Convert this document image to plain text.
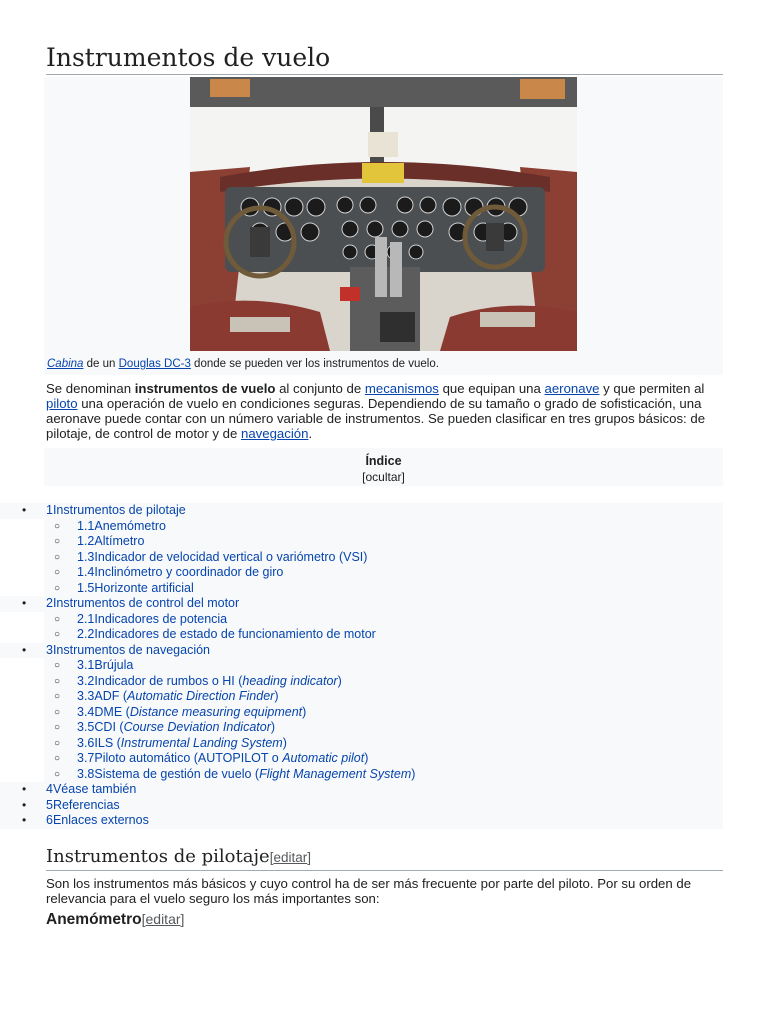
Instrumentos de vuelo
Cabina de un Douglas DC-3 donde se pueden ver los instrumentos de vuelo.

Se denominan instrumentos de vuelo al conjunto de mecanismos que equipan una aeronave y que permiten al piloto una operación de vuelo en condiciones seguras. Dependiendo de su tamaño o grado de sofisticación, una aeronave puede contar con un número variable de instrumentos. Se pueden clasificar en tres grupos básicos: de pilotaje, de control de motor y de navegación.

Índice
[ocultar]
• 1Instrumentos de pilotaje
○ 1.1Anemómetro
○ 1.2Altímetro
○ 1.3Indicador de velocidad vertical o variómetro (VSI)
○ 1.4Inclinómetro y coordinador de giro
○ 1.5Horizonte artificial
• 2Instrumentos de control del motor
○ 2.1Indicadores de potencia
○ 2.2Indicadores de estado de funcionamiento de motor
• 3Instrumentos de navegación
○ 3.1Brújula
○ 3.2Indicador de rumbos o HI (heading indicator)
○ 3.3ADF (Automatic Direction Finder)
○ 3.4DME (Distance measuring equipment)
○ 3.5CDI (Course Deviation Indicator)
○ 3.6ILS (Instrumental Landing System)
○ 3.7Piloto automático (AUTOPILOT o Automatic pilot)
○ 3.8Sistema de gestión de vuelo (Flight Management System)
• 4Véase también
• 5Referencias
• 6Enlaces externos
Instrumentos de pilotaje[editar]

Son los instrumentos más básicos y cuyo control ha de ser más frecuente por parte del piloto. Por su orden de relevancia para el vuelo seguro los más importantes son:

Anemómetro[editar]
